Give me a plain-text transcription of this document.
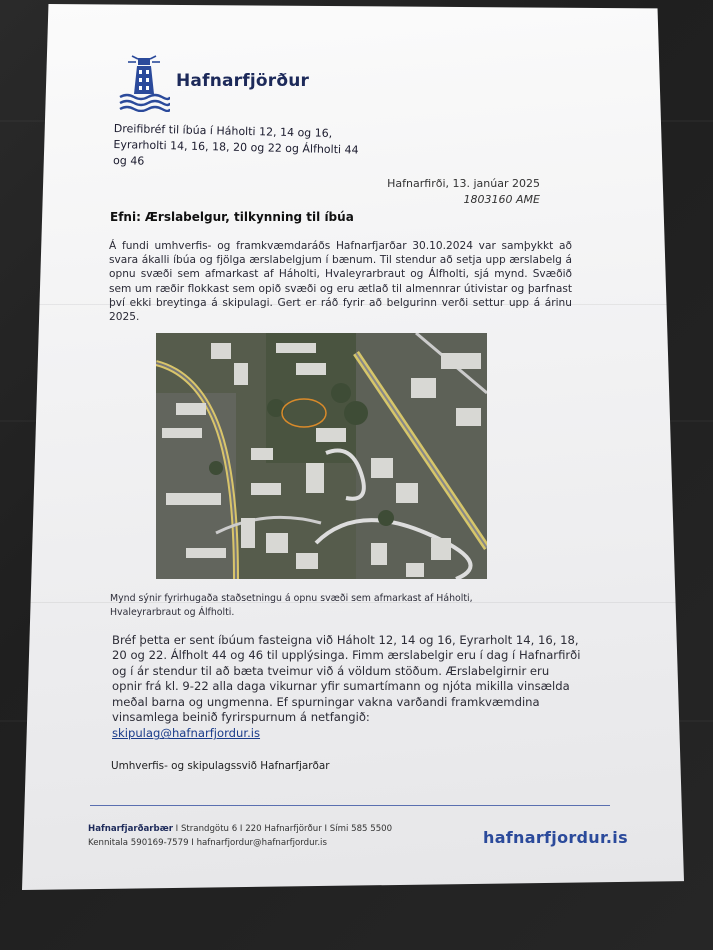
Hafnarfjörður
Dreifibréf til íbúa í Háholti 12, 14 og 16,
Eyrarholti 14, 16, 18, 20 og 22 og Álfholti 44 og 46
Hafnarfirði, 13. janúar 2025
1803160 AME
Efni: Ærslabelgur, tilkynning til íbúa
Á fundi umhverfis- og framkvæmdaráðs Hafnarfjarðar 30.10.2024 var samþykkt að svara ákalli íbúa og fjölga ærslabelgjum í bænum. Til stendur að setja upp ærslabelg á opnu svæði sem afmarkast af Háholti, Hvaleyrarbraut og Álfholti, sjá mynd. Svæðið sem um ræðir flokkast sem opið svæði og eru ætlað til almennrar útivistar og þarfnast því ekki breytinga á skipulagi. Gert er ráð fyrir að belgurinn verði settur upp á árinu 2025.
Mynd sýnir fyrirhugaða staðsetningu á opnu svæði sem afmarkast af Háholti, Hvaleyrarbraut og Álfholti.
Bréf þetta er sent íbúum fasteigna við Háholt 12, 14 og 16, Eyrarholt 14, 16, 18, 20 og 22. Álfholt 44 og 46 til upplýsinga. Fimm ærslabelgir eru í dag í Hafnarfirði og í ár stendur til að bæta tveimur við á völdum stöðum. Ærslabelgirnir eru opnir frá kl. 9-22 alla daga vikurnar yfir sumartímann og njóta mikilla vinsælda meðal barna og ungmenna. Ef spurningar vakna varðandi framkvæmdina vinsamlega beinið fyrirspurnum á netfangið:
skipulag@hafnarfjordur.is
Umhverfis- og skipulagssvið Hafnarfjarðar
Hafnarfjarðarbær I Strandgötu 6 I 220 Hafnarfjörður I Sími 585 5500
Kennitala 590169-7579 I hafnarfjordur@hafnarfjordur.is	hafnarfjordur.is
